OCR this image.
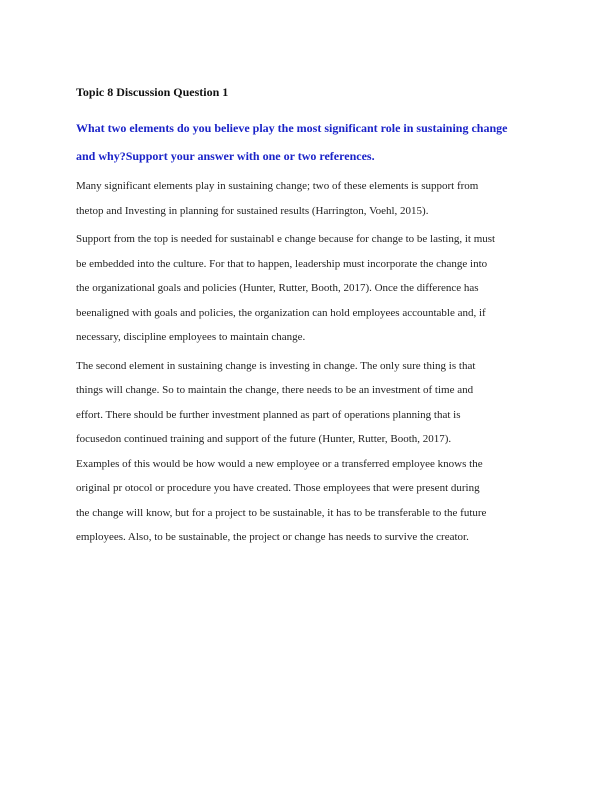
Topic 8 Discussion Question 1
What two elements do you believe play the most significant role in sustaining change
and why?Support your answer with one or two references.
Many significant elements play in sustaining change; two of these elements is support from
thetop and Investing in planning for sustained results (Harrington, Voehl, 2015).
Support from the top is needed for sustainabl e change because for change to be lasting, it must
be embedded into the culture. For that to happen, leadership must incorporate the change into
the organizational goals and policies (Hunter, Rutter, Booth, 2017). Once the difference has
beenaligned with goals and policies, the organization can hold employees accountable and, if
necessary, discipline employees to maintain change.
The second element in sustaining change is investing in change. The only sure thing is that
things will change. So to maintain the change, there needs to be an investment of time and
effort. There should be further investment planned as part of operations planning that is
focusedon continued training and support of the future (Hunter, Rutter, Booth, 2017).
Examples of this would be how would a new employee or a transferred employee knows the
original pr otocol or procedure you have created. Those employees that were present during
the change will know, but for a project to be sustainable, it has to be transferable to the future
employees. Also, to be sustainable, the project or change has needs to survive the creator.
